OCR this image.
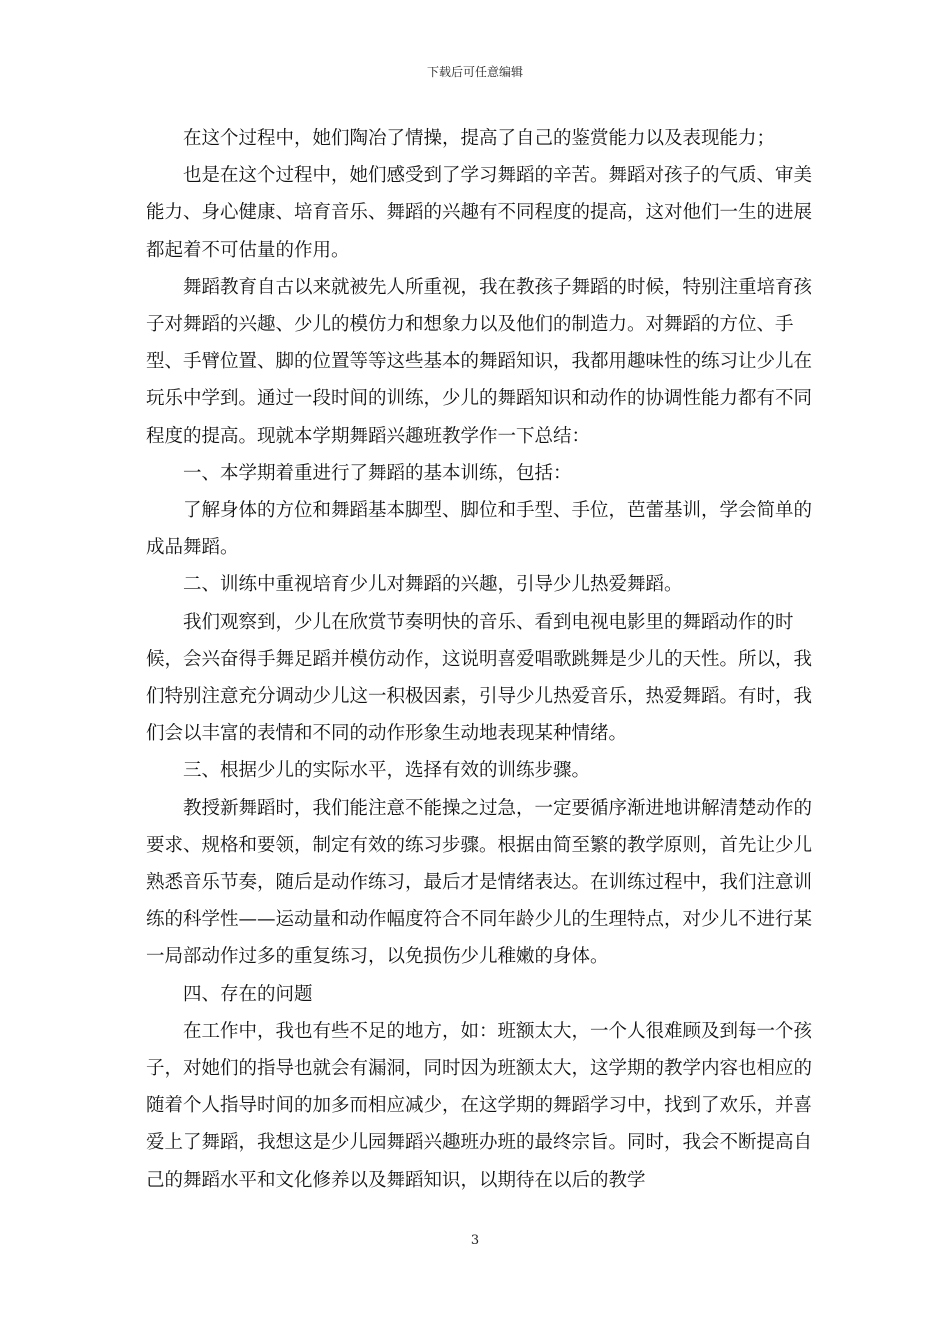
下载后可任意编辑

在这个过程中，她们陶冶了情操，提高了自己的鉴赏能力以及表现能力；

也是在这个过程中，她们感受到了学习舞蹈的辛苦。舞蹈对孩子的气质、审美能力、身心健康、培育音乐、舞蹈的兴趣有不同程度的提高，这对他们一生的进展都起着不可估量的作用。

舞蹈教育自古以来就被先人所重视，我在教孩子舞蹈的时候，特别注重培育孩子对舞蹈的兴趣、少儿的模仿力和想象力以及他们的制造力。对舞蹈的方位、手型、手臂位置、脚的位置等等这些基本的舞蹈知识，我都用趣味性的练习让少儿在玩乐中学到。通过一段时间的训练，少儿的舞蹈知识和动作的协调性能力都有不同程度的提高。现就本学期舞蹈兴趣班教学作一下总结：

一、本学期着重进行了舞蹈的基本训练，包括：

了解身体的方位和舞蹈基本脚型、脚位和手型、手位，芭蕾基训，学会简单的成品舞蹈。

二、训练中重视培育少儿对舞蹈的兴趣，引导少儿热爱舞蹈。

我们观察到，少儿在欣赏节奏明快的音乐、看到电视电影里的舞蹈动作的时候，会兴奋得手舞足蹈并模仿动作，这说明喜爱唱歌跳舞是少儿的天性。所以，我们特别注意充分调动少儿这一积极因素，引导少儿热爱音乐，热爱舞蹈。有时，我们会以丰富的表情和不同的动作形象生动地表现某种情绪。

三、根据少儿的实际水平，选择有效的训练步骤。

教授新舞蹈时，我们能注意不能操之过急，一定要循序渐进地讲解清楚动作的要求、规格和要领，制定有效的练习步骤。根据由简至繁的教学原则，首先让少儿熟悉音乐节奏，随后是动作练习，最后才是情绪表达。在训练过程中，我们注意训练的科学性——运动量和动作幅度符合不同年龄少儿的生理特点，对少儿不进行某一局部动作过多的重复练习，以免损伤少儿稚嫩的身体。

四、存在的问题

在工作中，我也有些不足的地方，如：班额太大，一个人很难顾及到每一个孩子，对她们的指导也就会有漏洞，同时因为班额太大，这学期的教学内容也相应的随着个人指导时间的加多而相应减少，在这学期的舞蹈学习中，找到了欢乐，并喜爱上了舞蹈，我想这是少儿园舞蹈兴趣班办班的最终宗旨。同时，我会不断提高自己的舞蹈水平和文化修养以及舞蹈知识，以期待在以后的教学

3
